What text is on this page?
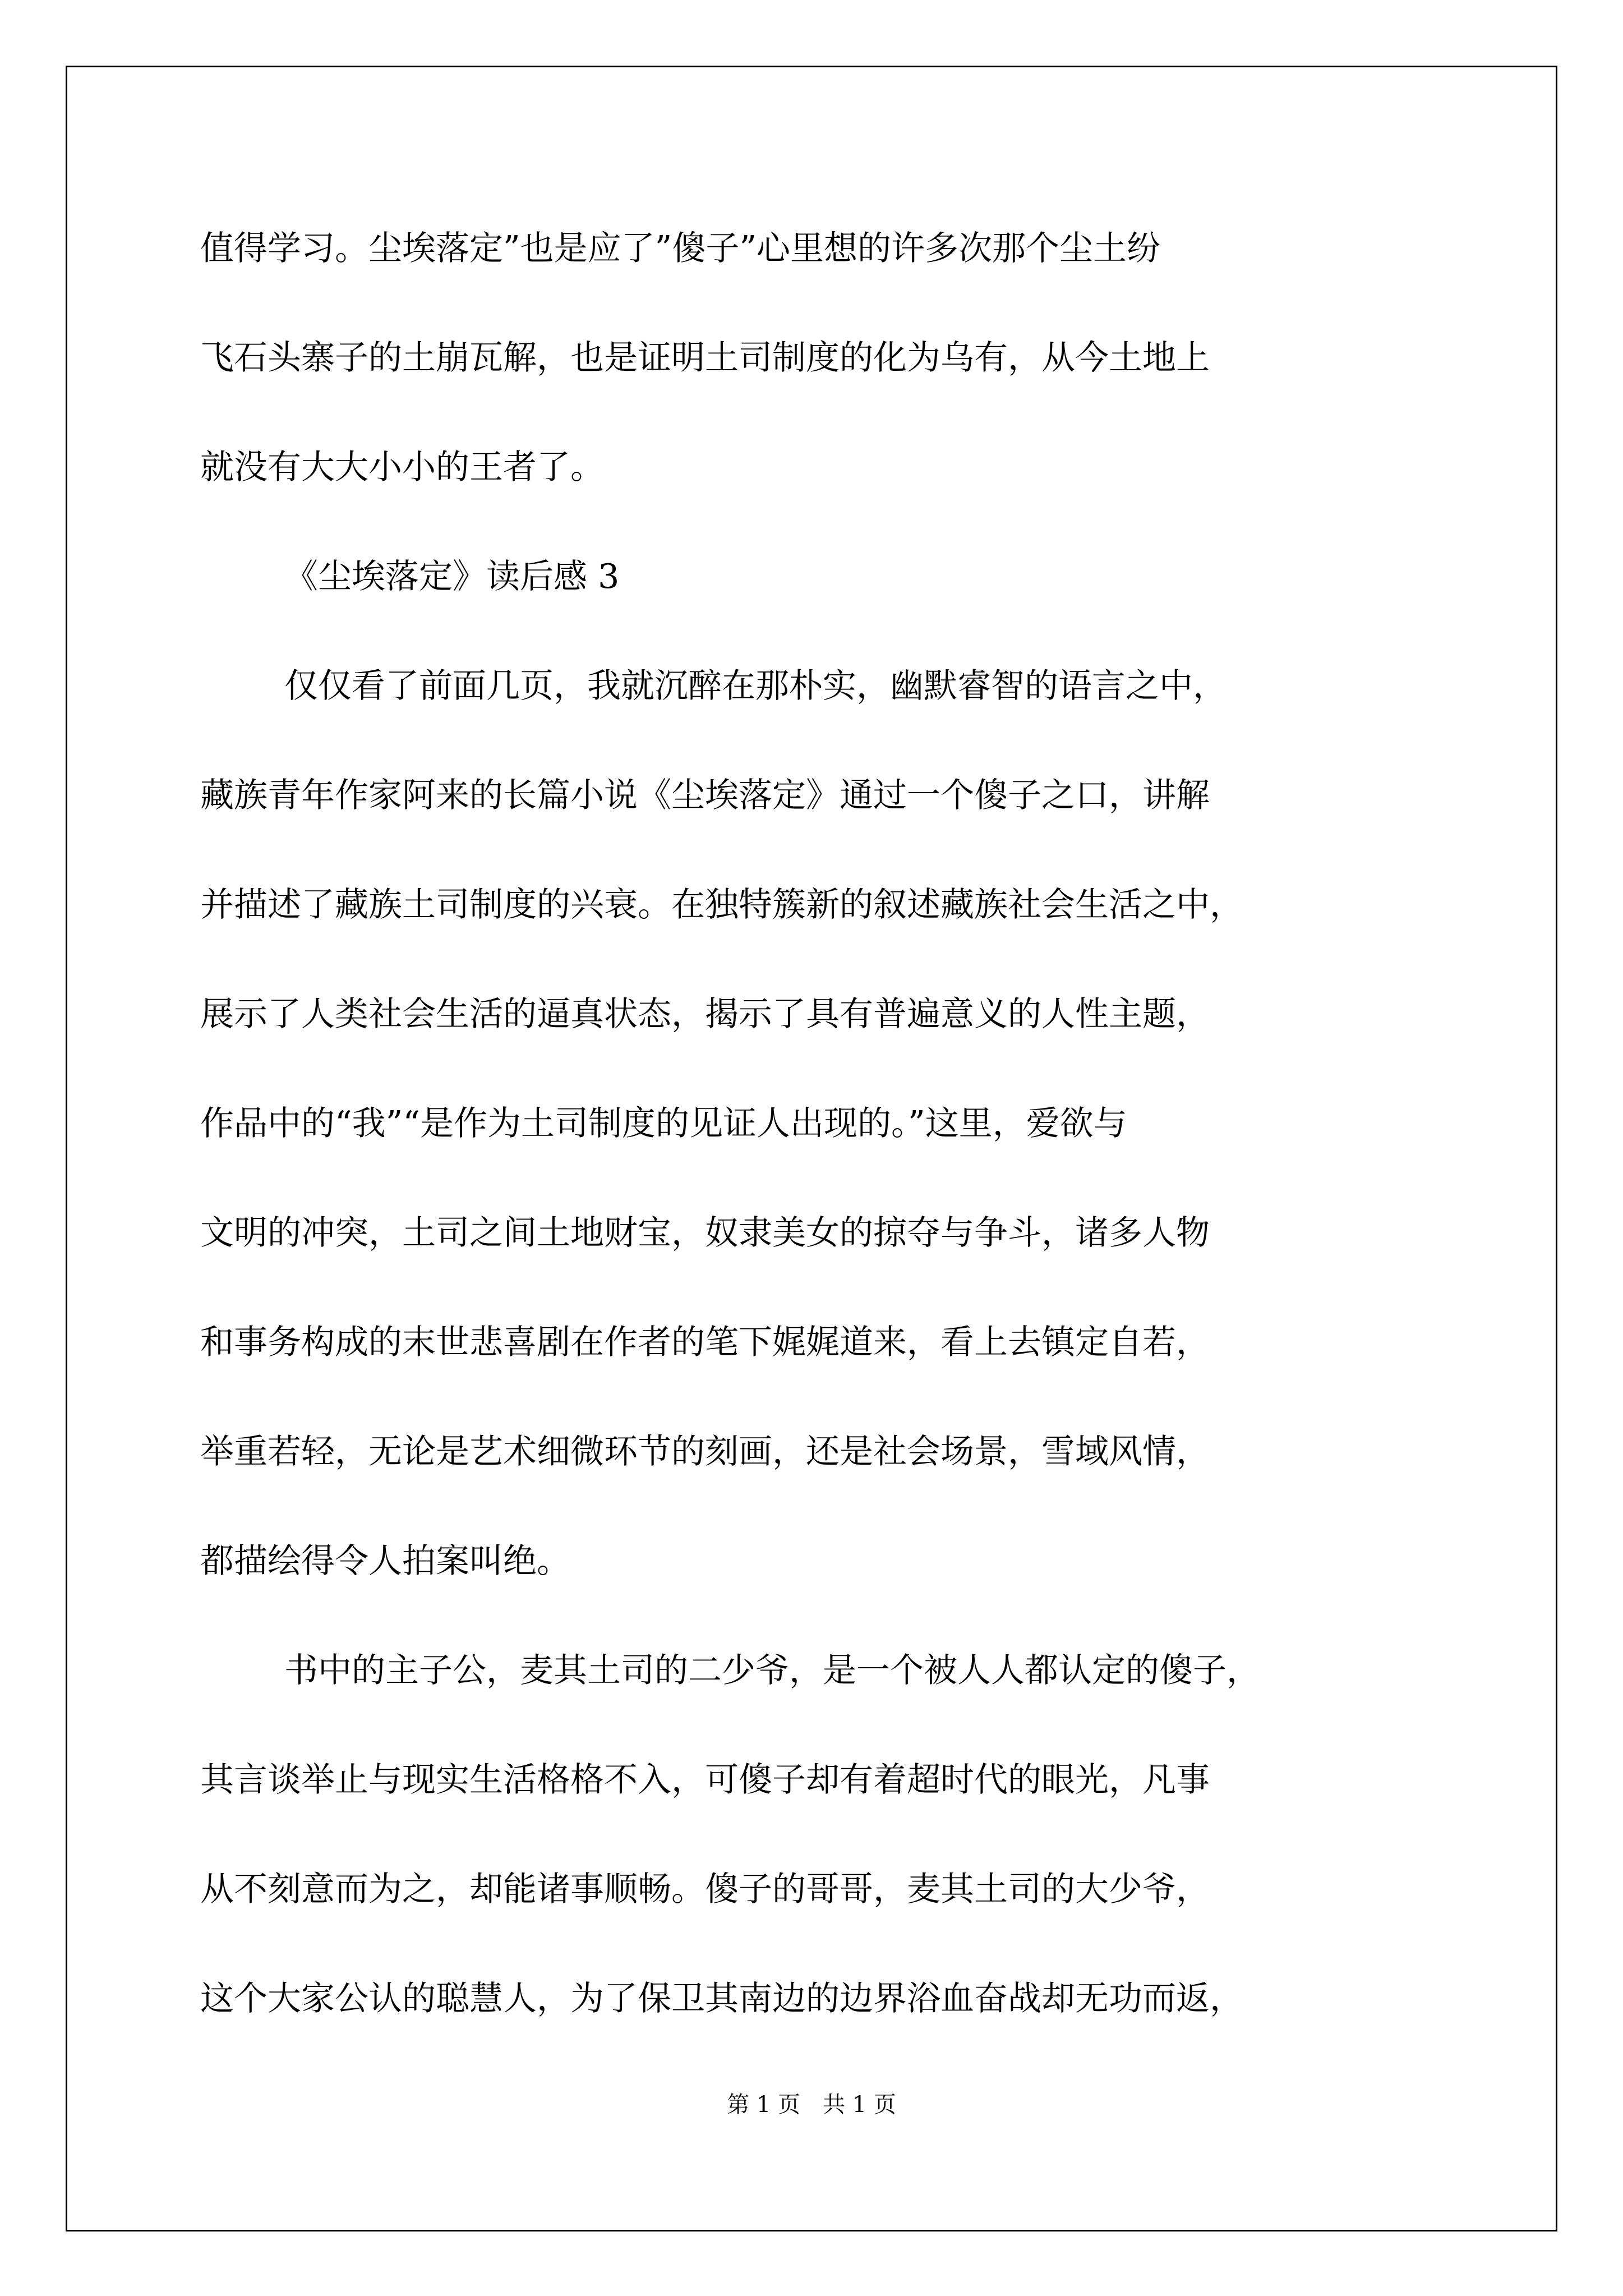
值得学习。尘埃落定”也是应了”傻子”心里想的许多次那个尘土纷
飞石头寨子的土崩瓦解，也是证明土司制度的化为乌有，从今土地上
就没有大大小小的王者了。
《尘埃落定》读后感 3
仅仅看了前面几页，我就沉醉在那朴实，幽默睿智的语言之中，
藏族青年作家阿来的长篇小说《尘埃落定》通过一个傻子之口，讲解
并描述了藏族土司制度的兴衰。在独特簇新的叙述藏族社会生活之中，
展示了人类社会生活的逼真状态，揭示了具有普遍意义的人性主题，
作品中的“我”“是作为土司制度的见证人出现的。”这里，爱欲与
文明的冲突，土司之间土地财宝，奴隶美女的掠夺与争斗，诸多人物
和事务构成的末世悲喜剧在作者的笔下娓娓道来，看上去镇定自若，
举重若轻，无论是艺术细微环节的刻画，还是社会场景，雪域风情，
都描绘得令人拍案叫绝。
书中的主子公，麦其土司的二少爷，是一个被人人都认定的傻子，
其言谈举止与现实生活格格不入，可傻子却有着超时代的眼光，凡事
从不刻意而为之，却能诸事顺畅。傻子的哥哥，麦其土司的大少爷，
这个大家公认的聪慧人，为了保卫其南边的边界浴血奋战却无功而返，
第 1 页　共 1 页
